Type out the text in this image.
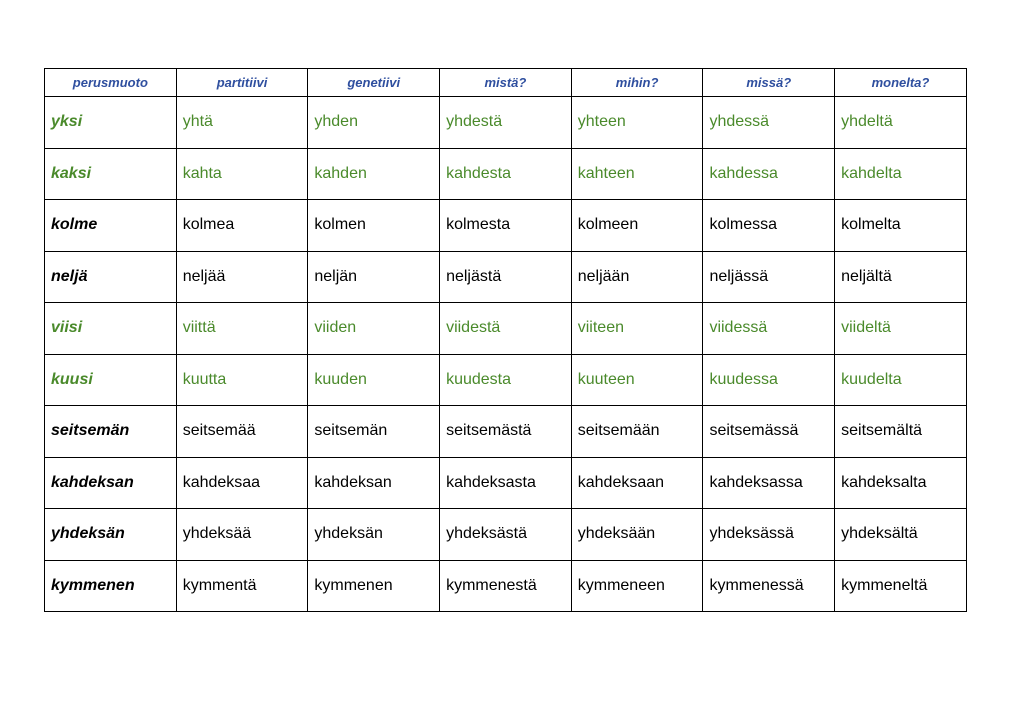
perusmuoto	partitiivi	genetiivi	mistä?	mihin?	missä?	monelta?
yksi	yhtä	yhden	yhdestä	yhteen	yhdessä	yhdeltä
kaksi	kahta	kahden	kahdesta	kahteen	kahdessa	kahdelta
kolme	kolmea	kolmen	kolmesta	kolmeen	kolmessa	kolmelta
neljä	neljää	neljän	neljästä	neljään	neljässä	neljältä
viisi	viittä	viiden	viidestä	viiteen	viidessä	viideltä
kuusi	kuutta	kuuden	kuudesta	kuuteen	kuudessa	kuudelta
seitsemän	seitsemää	seitsemän	seitsemästä	seitsemään	seitsemässä	seitsemältä
kahdeksan	kahdeksaa	kahdeksan	kahdeksasta	kahdeksaan	kahdeksassa	kahdeksalta
yhdeksän	yhdeksää	yhdeksän	yhdeksästä	yhdeksään	yhdeksässä	yhdeksältä
kymmenen	kymmentä	kymmenen	kymmenestä	kymmeneen	kymmenessä	kymmeneltä
